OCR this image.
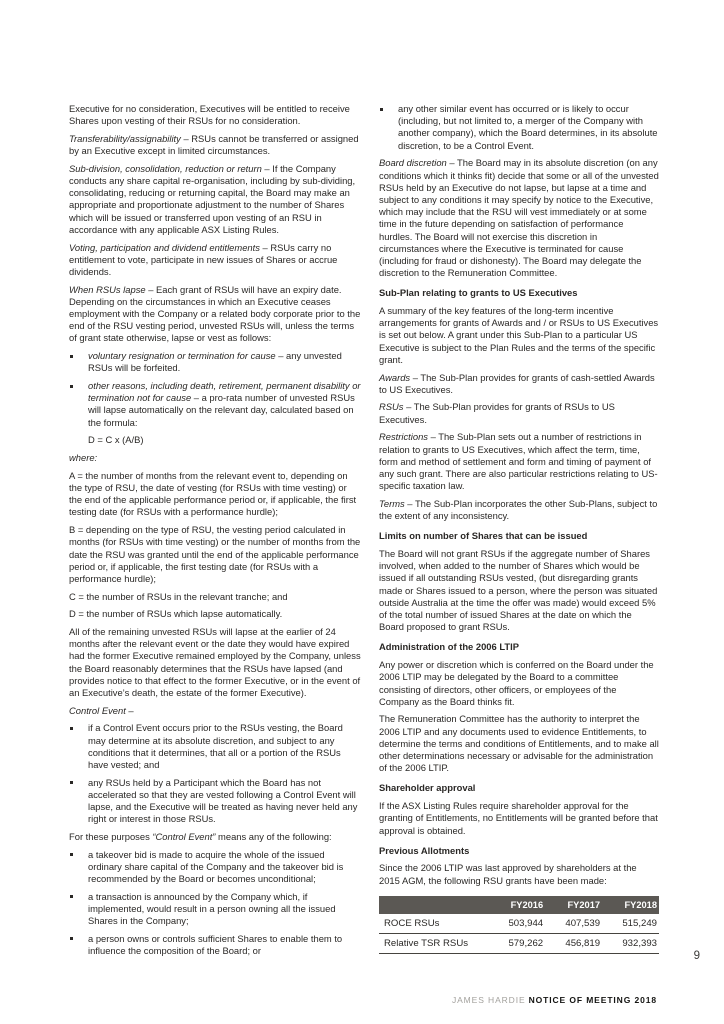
Executive for no consideration, Executives will be entitled to receive Shares upon vesting of their RSUs for no consideration.

Transferability/assignability – RSUs cannot be transferred or assigned by an Executive except in limited circumstances.

Sub-division, consolidation, reduction or return – If the Company conducts any share capital re-organisation, including by sub-dividing, consolidating, reducing or returning capital, the Board may make an appropriate and proportionate adjustment to the number of Shares which will be issued or transferred upon vesting of an RSU in accordance with any applicable ASX Listing Rules.

Voting, participation and dividend entitlements – RSUs carry no entitlement to vote, participate in new issues of Shares or accrue dividends.

When RSUs lapse – Each grant of RSUs will have an expiry date. Depending on the circumstances in which an Executive ceases employment with the Company or a related body corporate prior to the end of the RSU vesting period, unvested RSUs will, unless the terms of grant state otherwise, lapse or vest as follows:

voluntary resignation or termination for cause – any unvested RSUs will be forfeited.
other reasons, including death, retirement, permanent disability or termination not for cause – a pro-rata number of unvested RSUs will lapse automatically on the relevant day, calculated based on the formula:

D = C x (A/B)

where:

A = the number of months from the relevant event to, depending on the type of RSU, the date of vesting (for RSUs with time vesting) or the end of the applicable performance period or, if applicable, the first testing date (for RSUs with a performance hurdle);

B = depending on the type of RSU, the vesting period calculated in months (for RSUs with time vesting) or the number of months from the date the RSU was granted until the end of the applicable performance period or, if applicable, the first testing date (for RSUs with a performance hurdle);

C = the number of RSUs in the relevant tranche; and

D = the number of RSUs which lapse automatically.

All of the remaining unvested RSUs will lapse at the earlier of 24 months after the relevant event or the date they would have expired had the former Executive remained employed by the Company, unless the Board reasonably determines that the RSUs have lapsed (and provides notice to that effect to the former Executive, or in the event of an Executive’s death, the estate of the former Executive).

Control Event –

if a Control Event occurs prior to the RSUs vesting, the Board may determine at its absolute discretion, and subject to any conditions that it determines, that all or a portion of the RSUs have vested; and
any RSUs held by a Participant which the Board has not accelerated so that they are vested following a Control Event will lapse, and the Executive will be treated as having never held any right or interest in those RSUs.

For these purposes “Control Event” means any of the following:

a takeover bid is made to acquire the whole of the issued ordinary share capital of the Company and the takeover bid is recommended by the Board or becomes unconditional;
a transaction is announced by the Company which, if implemented, would result in a person owning all the issued Shares in the Company;
a person owns or controls sufficient Shares to enable them to influence the composition of the Board; or
any other similar event has occurred or is likely to occur (including, but not limited to, a merger of the Company with another company), which the Board determines, in its absolute discretion, to be a Control Event.

Board discretion – The Board may in its absolute discretion (on any conditions which it thinks fit) decide that some or all of the unvested RSUs held by an Executive do not lapse, but lapse at a time and subject to any conditions it may specify by notice to the Executive, which may include that the RSU will vest immediately or at some time in the future depending on satisfaction of performance hurdles. The Board will not exercise this discretion in circumstances where the Executive is terminated for cause (including for fraud or dishonesty). The Board may delegate the discretion to the Remuneration Committee.

Sub-Plan relating to grants to US Executives

A summary of the key features of the long-term incentive arrangements for grants of Awards and / or RSUs to US Executives is set out below. A grant under this Sub-Plan to a particular US Executive is subject to the Plan Rules and the terms of the specific grant.

Awards – The Sub-Plan provides for grants of cash-settled Awards to US Executives.

RSUs – The Sub-Plan provides for grants of RSUs to US Executives.

Restrictions – The Sub-Plan sets out a number of restrictions in relation to grants to US Executives, which affect the term, time, form and method of settlement and form and timing of payment of any such grant. There are also particular restrictions relating to US-specific taxation law.

Terms – The Sub-Plan incorporates the other Sub-Plans, subject to the extent of any inconsistency.

Limits on number of Shares that can be issued

The Board will not grant RSUs if the aggregate number of Shares involved, when added to the number of Shares which would be issued if all outstanding RSUs vested, (but disregarding grants made or Shares issued to a person, where the person was situated outside Australia at the time the offer was made) would exceed 5% of the total number of issued Shares at the date on which the Board proposed to grant RSUs.

Administration of the 2006 LTIP

Any power or discretion which is conferred on the Board under the 2006 LTIP may be delegated by the Board to a committee consisting of directors, other officers, or employees of the Company as the Board thinks fit.

The Remuneration Committee has the authority to interpret the 2006 LTIP and any documents used to evidence Entitlements, to determine the terms and conditions of Entitlements, and to make all other determinations necessary or advisable for the administration of the 2006 LTIP.

Shareholder approval

If the ASX Listing Rules require shareholder approval for the granting of Entitlements, no Entitlements will be granted before that approval is obtained.

Previous Allotments

Since the 2006 LTIP was last approved by shareholders at the 2015 AGM, the following RSU grants have been made:

	FY2016	FY2017	FY2018
ROCE RSUs	503,944	407,539	515,249
Relative TSR RSUs	579,262	456,819	932,393
9
JAMES HARDIE NOTICE OF MEETING 2018
